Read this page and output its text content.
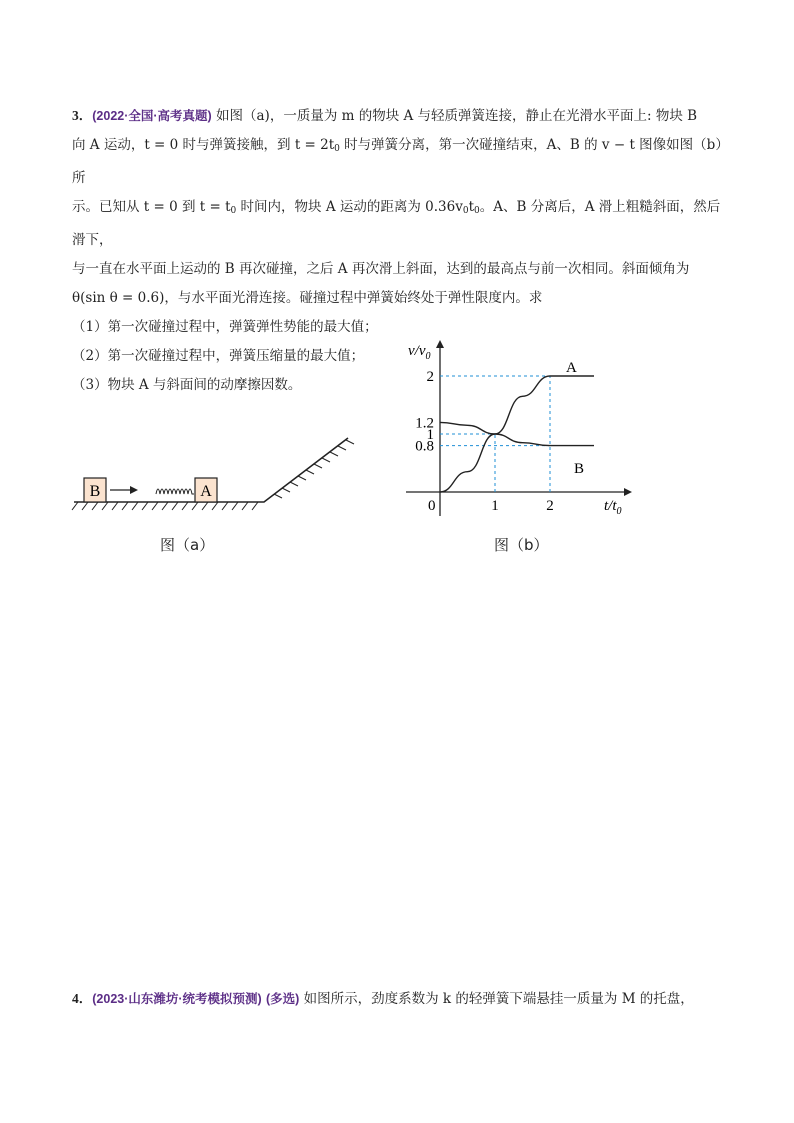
3．(2022·全国·高考真题) 如图（a)，一质量为 m 的物块 A 与轻质弹簧连接，静止在光滑水平面上: 物块 B

向 A 运动，t = 0 时与弹簧接触，到 $t = 2t_0$ 时与弹簧分离，第一次碰撞结束，A、B 的 v − t 图像如图（b）所

示。已知从 t = 0 到 $t = t_0$ 时间内，物块 A 运动的距离为 $0.36v_0t_0$。A、B 分离后，A 滑上粗糙斜面，然后滑下，

与一直在水平面上运动的 B 再次碰撞，之后 A 再次滑上斜面，达到的最高点与前一次相同。斜面倾角为

θ(sin θ = 0.6)，与水平面光滑连接。碰撞过程中弹簧始终处于弹性限度内。求

（1）第一次碰撞过程中，弹簧弹性势能的最大值；

（2）第一次碰撞过程中，弹簧压缩量的最大值；

（3）物块 A 与斜面间的动摩擦因数。

B	A
图（a）
2
1.2
1
0.8
1	2
$v/v_0$
$t/t_0$
0
A
B
图（b）

4．(2023·山东潍坊·统考模拟预测) (多选) 如图所示，劲度系数为 k 的轻弹簧下端悬挂一质量为 M 的托盘，
